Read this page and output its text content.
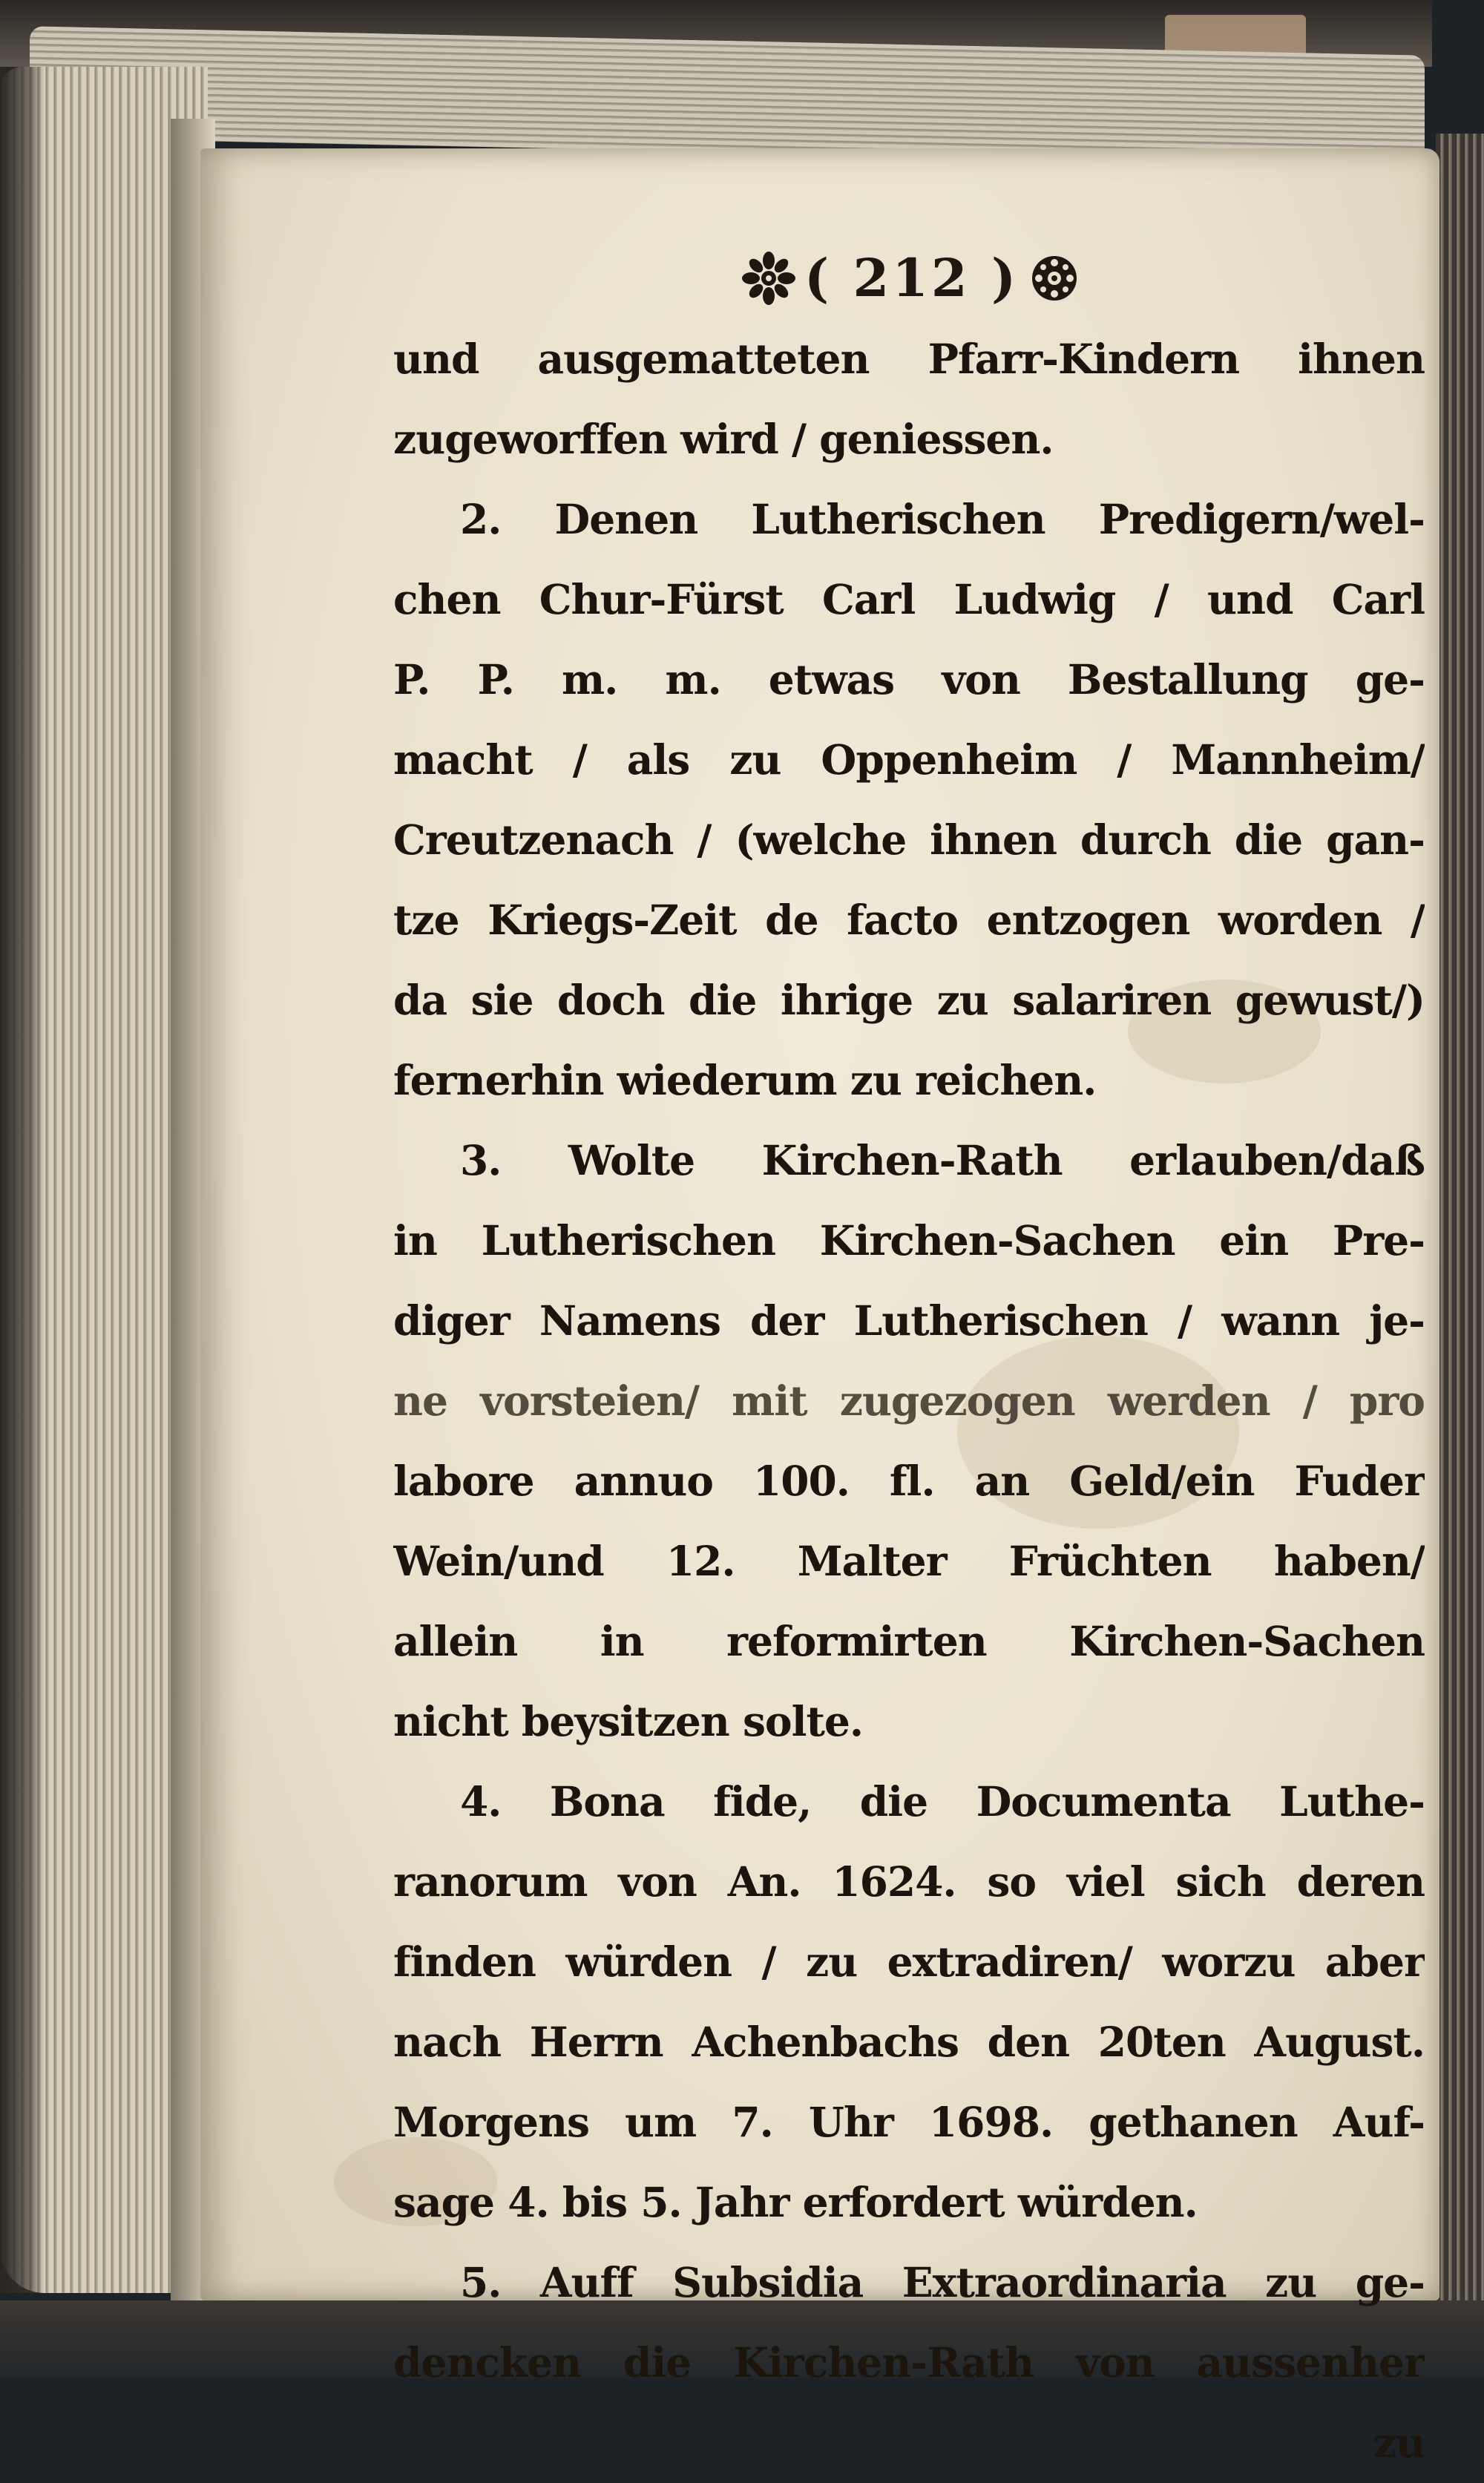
( 212 )
und ausgematteten Pfarr-Kindern ihnen
zugeworffen wird / geniessen.
2. Denen Lutherischen Predigern/wel-
chen Chur-Fürst Carl Ludwig / und Carl
P. P. m. m. etwas von Bestallung ge-
macht / als zu Oppenheim / Mannheim/
Creutzenach / (welche ihnen durch die gan-
tze Kriegs-Zeit de facto entzogen worden /
da sie doch die ihrige zu salariren gewust/)
fernerhin wiederum zu reichen.
3. Wolte Kirchen-Rath erlauben/daß
in Lutherischen Kirchen-Sachen ein Pre-
diger Namens der Lutherischen / wann je-
ne vorsteien/ mit zugezogen werden / pro
labore annuo 100. fl. an Geld/ein Fuder
Wein/und 12. Malter Früchten haben/
allein in reformirten Kirchen-Sachen
nicht beysitzen solte.
4. Bona fide, die Documenta Luthe-
ranorum von An. 1624. so viel sich deren
finden würden / zu extradiren/ worzu aber
nach Herrn Achenbachs den 20ten August.
Morgens um 7. Uhr 1698. gethanen Auf-
sage 4. bis 5. Jahr erfordert würden.
5. Auff Subsidia Extraordinaria zu ge-
dencken die Kirchen-Rath von aussenher
zu
